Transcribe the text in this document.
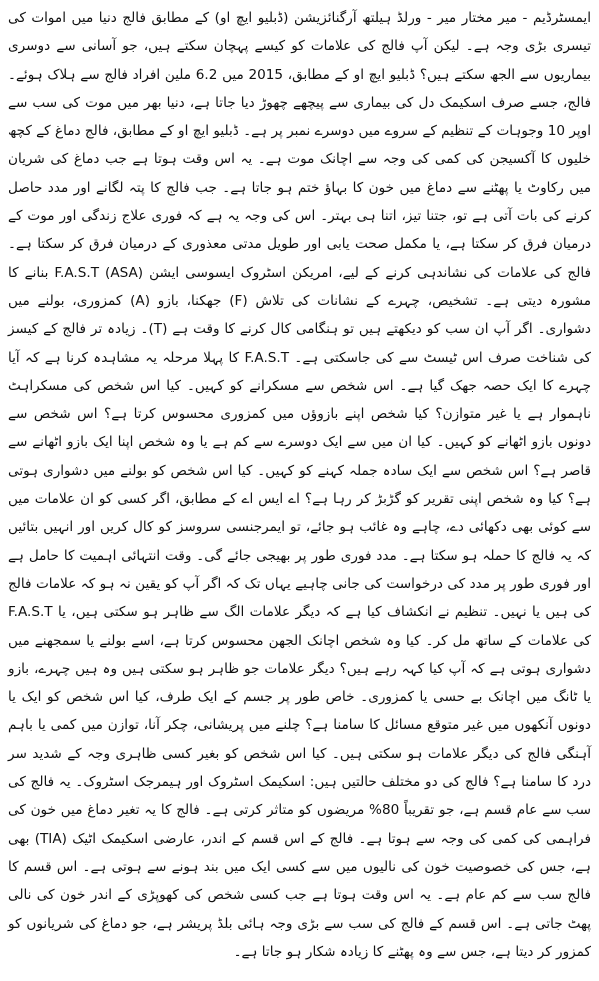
ایمسٹرڈیم - میر مختار میر - ورلڈ ہیلتھ آرگنائزیشن (ڈبلیو ایچ او) کے مطابق فالج دنیا میں اموات کی تیسری بڑی وجہ ہے۔ لیکن آپ فالج کی علامات کو کیسے پہچان سکتے ہیں، جو آسانی سے دوسری بیماریوں سے الجھ سکتے ہیں؟ ڈبلیو ایچ او کے مطابق، 2015 میں 6.2 ملین افراد فالج سے ہلاک ہوئے۔ فالج، جسے صرف اسکیمک دل کی بیماری سے پیچھے چھوڑ دیا جاتا ہے، دنیا بھر میں موت کی سب سے اوپر 10 وجوہات کے تنظیم کے سروے میں دوسرے نمبر پر ہے۔ ڈبلیو ایچ او کے مطابق، فالج دماغ کے کچھ خلیوں کا آکسیجن کی کمی کی وجہ سے اچانک موت ہے۔ یہ اس وقت ہوتا ہے جب دماغ کی شریان میں رکاوٹ یا پھٹنے سے دماغ میں خون کا بہاؤ ختم ہو جاتا ہے۔ جب فالج کا پتہ لگانے اور مدد حاصل کرنے کی بات آتی ہے تو، جتنا تیز، اتنا ہی بہتر۔ اس کی وجہ یہ ہے کہ فوری علاج زندگی اور موت کے درمیان فرق کر سکتا ہے، یا مکمل صحت یابی اور طویل مدتی معذوری کے درمیان فرق کر سکتا ہے۔ فالج کی علامات کی نشاندہی کرنے کے لیے، امریکن اسٹروک ایسوسی ایشن (ASA) F.A.S.T بنانے کا مشورہ دیتی ہے۔ تشخیص، چہرے کے نشانات کی تلاش (F) جھکنا، بازو (A) کمزوری، بولنے میں دشواری۔ اگر آپ ان سب کو دیکھتے ہیں تو ہنگامی کال کرنے کا وقت ہے (T)۔ زیادہ تر فالج کے کیسز کی شناخت صرف اس ٹیسٹ سے کی جاسکتی ہے۔ F.A.S.T کا پہلا مرحلہ یہ مشاہدہ کرنا ہے کہ آیا چہرے کا ایک حصہ جھک گیا ہے۔ اس شخص سے مسکرانے کو کہیں۔ کیا اس شخص کی مسکراہٹ ناہموار ہے یا غیر متوازن؟ کیا شخص اپنے بازوؤں میں کمزوری محسوس کرتا ہے؟ اس شخص سے دونوں بازو اٹھانے کو کہیں۔ کیا ان میں سے ایک دوسرے سے کم ہے یا وہ شخص اپنا ایک بازو اٹھانے سے قاصر ہے؟ اس شخص سے ایک سادہ جملہ کہنے کو کہیں۔ کیا اس شخص کو بولنے میں دشواری ہوتی ہے؟ کیا وہ شخص اپنی تقریر کو گڑبڑ کر رہا ہے؟ اے ایس اے کے مطابق، اگر کسی کو ان علامات میں سے کوئی بھی دکھائی دے، چاہے وہ غائب ہو جائے، تو ایمرجنسی سروسز کو کال کریں اور انہیں بتائیں کہ یہ فالج کا حملہ ہو سکتا ہے۔ مدد فوری طور پر بھیجی جائے گی۔ وقت انتہائی اہمیت کا حامل ہے اور فوری طور پر مدد کی درخواست کی جانی چاہیے یہاں تک کہ اگر آپ کو یقین نہ ہو کہ علامات فالج کی ہیں یا نہیں۔ تنظیم نے انکشاف کیا ہے کہ دیگر علامات الگ سے ظاہر ہو سکتی ہیں، یا F.A.S.T کی علامات کے ساتھ مل کر۔ کیا وہ شخص اچانک الجھن محسوس کرتا ہے، اسے بولنے یا سمجھنے میں دشواری ہوتی ہے کہ آپ کیا کہہ رہے ہیں؟ دیگر علامات جو ظاہر ہو سکتی ہیں وہ ہیں چہرے، بازو یا ٹانگ میں اچانک بے حسی یا کمزوری۔ خاص طور پر جسم کے ایک طرف، کیا اس شخص کو ایک یا دونوں آنکھوں میں غیر متوقع مسائل کا سامنا ہے؟ چلنے میں پریشانی، چکر آنا، توازن میں کمی یا باہم آہنگی فالج کی دیگر علامات ہو سکتی ہیں۔ کیا اس شخص کو بغیر کسی ظاہری وجہ کے شدید سر درد کا سامنا ہے؟ فالج کی دو مختلف حالتیں ہیں: اسکیمک اسٹروک اور ہیمرجک اسٹروک۔ یہ فالج کی سب سے عام قسم ہے، جو تقریباً 80% مریضوں کو متاثر کرتی ہے۔ فالج کا یہ تغیر دماغ میں خون کی فراہمی کی کمی کی وجہ سے ہوتا ہے۔ فالج کے اس قسم کے اندر، عارضی اسکیمک اٹیک (TIA) بھی ہے، جس کی خصوصیت خون کی نالیوں میں سے کسی ایک میں بند ہونے سے ہوتی ہے۔ اس قسم کا فالج سب سے کم عام ہے۔ یہ اس وقت ہوتا ہے جب کسی شخص کی کھوپڑی کے اندر خون کی نالی پھٹ جاتی ہے۔ اس قسم کے فالج کی سب سے بڑی وجہ ہائی بلڈ پریشر ہے، جو دماغ کی شریانوں کو کمزور کر دیتا ہے، جس سے وہ پھٹنے کا زیادہ شکار ہو جاتا ہے۔
